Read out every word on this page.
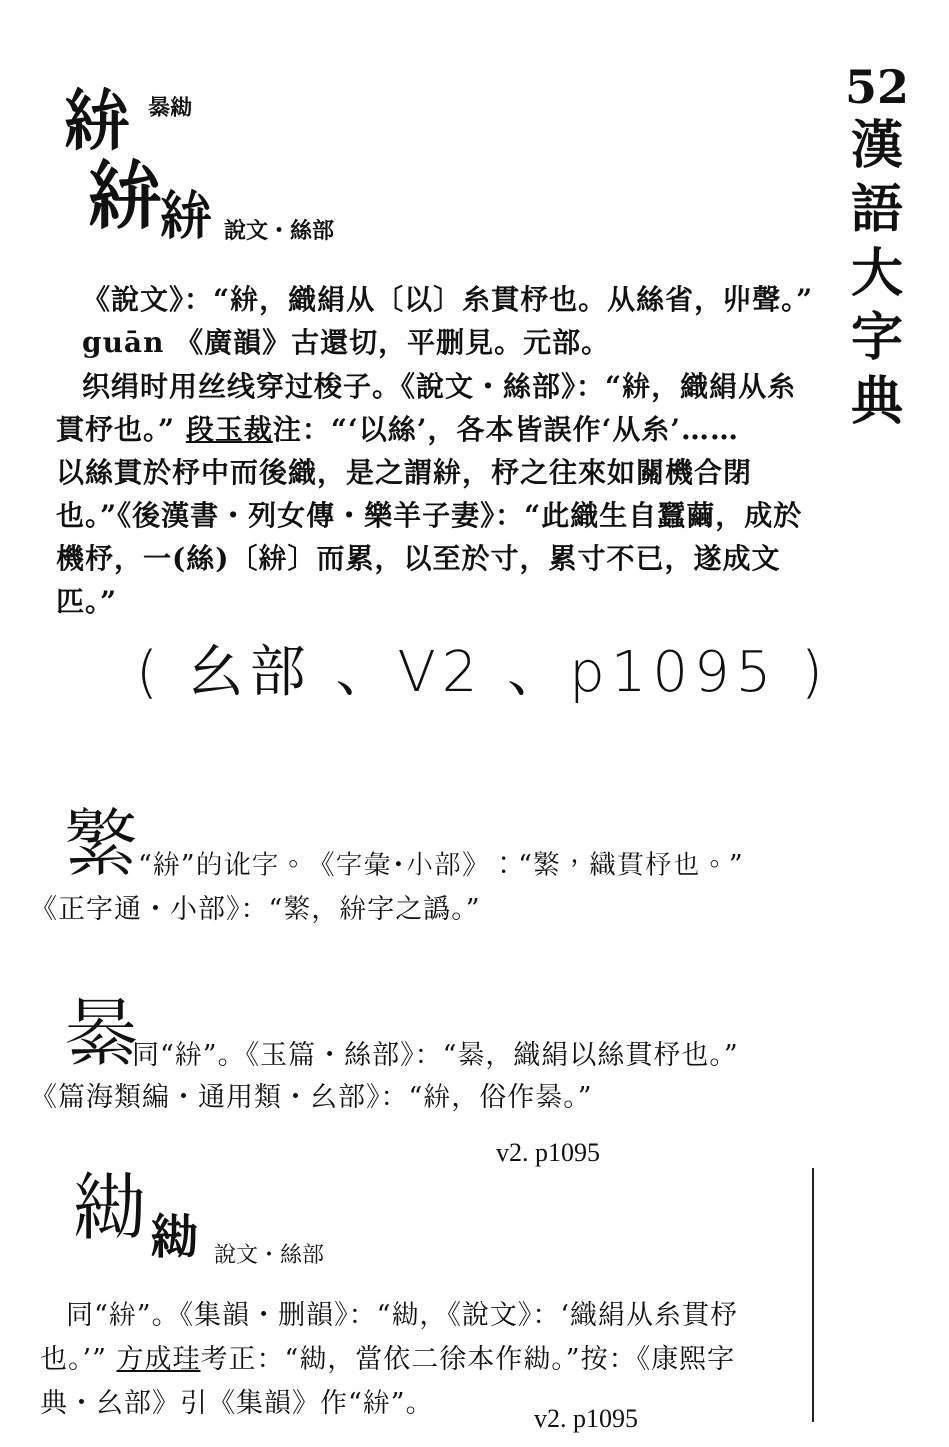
52
漢
語
大
字
典
𥿋 𦀤𦀖
𥿋
𥿋 說文・絲部
《說文》：“𥿋，織絹从〔以〕糸貫杼也。从絲省，丱聲。”
guān 《廣韻》古還切，平删見。元部。
织绢时用丝线穿过梭子。《說文・絲部》：“𥿋，織絹从糸
貫杼也。” 段玉裁注：“‘以絲’，各本皆誤作‘从糸’……
以絲貫於杼中而後織，是之謂𥿋，杼之往來如關機合閉
也。”《後漢書・列女傳・樂羊子妻》：“此織生自蠶繭，成於
機杼，一(絲)〔𥿋〕而累，以至於寸，累寸不已，遂成文
匹。”
( 幺部 、V2 、p1095 )
𦅾 “𥿋”的讹字。《字彙・小部》：“𦅾，織貫杼也。”
《正字通・小部》：“𦅾，𥿋字之譌。”
𦀤
同“𥿋”。《玉篇・絲部》：“𦀤，織絹以絲貫杼也。”
《篇海類編・通用類・幺部》：“𥿋，俗作𦀤。”
v2. p1095
𦀖 𦀖 說文・絲部
同“𥿋”。《集韻・删韻》：“𦀖，《說文》：‘織絹从糸貫杼
也。’” 方成珪考正：“𦀖，當依二徐本作𦀖。”按：《康熙字
典・幺部》引《集韻》作“𥿋”。	v2. p1095
